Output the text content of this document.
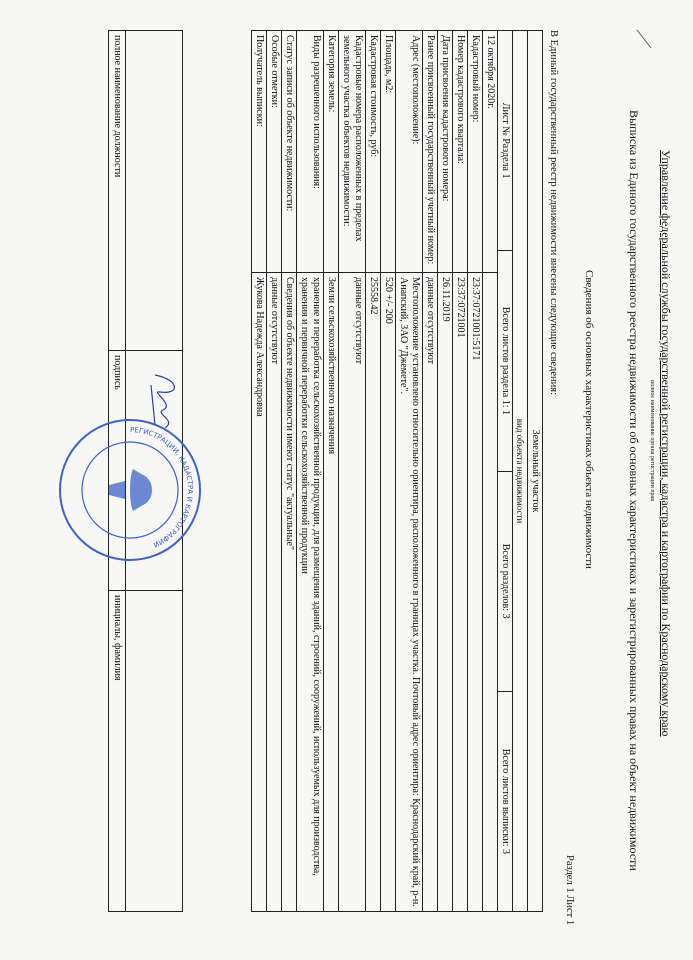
Управление федеральной службы государственной регистрации, кадастра и картографии по Краснодарскому краю
полное наименование органа регистрации прав
Выписка из Единого государственного реестра недвижимости об основных характеристиках и зарегистрированных правах на объект недвижимости
Сведения об основных характеристиках объекта недвижимости
Раздел 1 Лист 1
В Единый государственный реестр недвижимости внесены следующие сведения:
Земельный участок
вид объекта недвижимости
Лист № Раздела 1
Всего листов раздела 1: 1
Всего разделов: 3
Всего листов выписки: 3
12 октября 2020г.
Кадастровый номер:
23:37:0721001:5171
Номер кадастрового квартала:
23:37:0721001
Дата присвоения кадастрового номера:
26.11.2019
Ранее присвоенный государственный учетный номер:
данные отсутствуют
Адрес (местоположение):
Местоположение установлено относительно ориентира, расположенного в границах участка. Почтовый адрес ориентира: Краснодарский край, р-н. Анапский, ЗАО "Джемете".
Площадь, м2:
520 +/- 200
Кадастровая стоимость, руб:
25558.42
Кадастровые номера расположенных в пределах земельного участка объектов недвижимости:
данные отсутствуют
Категория земель:
Земли сельскохозяйственного назначения
Виды разрешенного использования:
хранение и переработка сельскохозяйственной продукции, для размещения зданий, строений, сооружений, используемых для производства, хранения и первичной переработки сельскохозяйственной продукции
Статус записи об объекте недвижимости:
Сведения об объекте недвижимости имеют статус "актуальные"
Особые отметки:
данные отсутствуют
Получатель выписки:
Жукова Надежда Александровна
полное наименование должности
подпись
инициалы, фамилия
РЕГИСТРАЦИИ, КАДАСТРА И КАРТОГРАФИИ
